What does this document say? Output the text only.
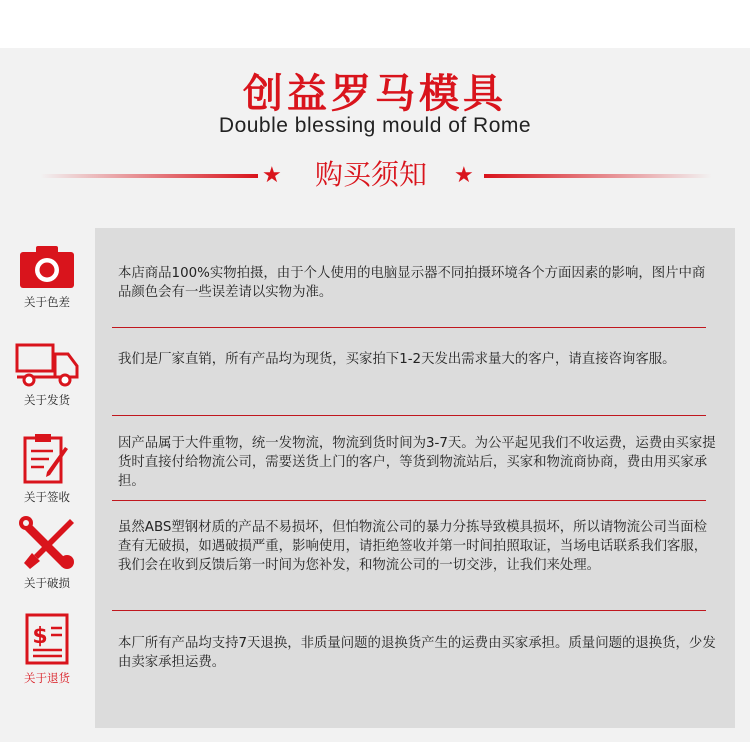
创益罗马模具
Double blessing mould of Rome
★	购买须知	★
关于色差
本店商品100%实物拍摄，由于个人使用的电脑显示器不同拍摄环境各个方面因素的影响，图片中商品颜色会有一些误差请以实物为准。
关于发货
我们是厂家直销，所有产品均为现货，买家拍下1-2天发出需求量大的客户，请直接咨询客服。
关于签收
因产品属于大件重物，统一发物流，物流到货时间为3-7天。为公平起见我们不收运费，运费由买家提货时直接付给物流公司，需要送货上门的客户，等货到物流站后，买家和物流商协商，费由用买家承担。
关于破损
虽然ABS塑钢材质的产品不易损坏，但怕物流公司的暴力分拣导致模具损坏，所以请物流公司当面检查有无破损，如遇破损严重，影响使用，请拒绝签收并第一时间拍照取证，当场电话联系我们客服，我们会在收到反馈后第一时间为您补发，和物流公司的一切交涉，让我们来处理。
$
关于退货
本厂所有产品均支持7天退换，非质量问题的退换货产生的运费由买家承担。质量问题的退换货，少发由卖家承担运费。
